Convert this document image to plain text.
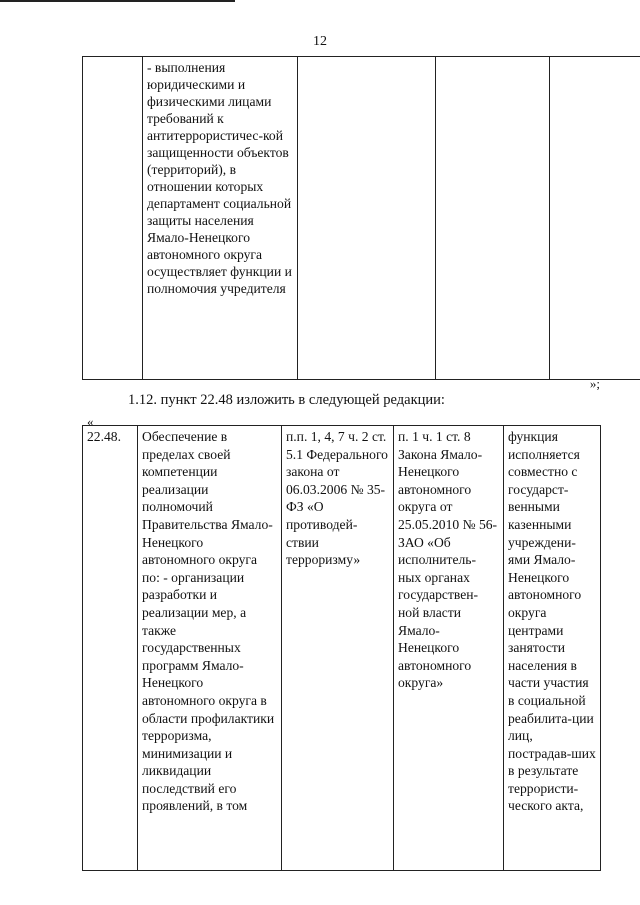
12
	- выполнения юридическими и физическими лицами требований к антитеррористичес-кой защищенности объектов (территорий), в отношении которых департамент социальной защиты населения Ямало-Ненецкого автономного округа осуществляет функции и полномочия учредителя				
»;
1.12. пункт 22.48 изложить в следующей редакции:
«
22.48.	Обеспечение в пределах своей компетенции реализации полномочий Правительства Ямало-Ненецкого автономного округа по: - организации разработки и реализации мер, а также государственных программ Ямало-Ненецкого автономного округа в области профилактики терроризма, минимизации и ликвидации последствий его проявлений, в том	п.п. 1, 4, 7 ч. 2 ст. 5.1 Федерального закона от 06.03.2006 № 35-ФЗ «О противодей-ствии терроризму»	п. 1 ч. 1 ст. 8 Закона Ямало-Ненецкого автономного округа от 25.05.2010 № 56-ЗАО «Об исполнитель-ных органах государствен-ной власти Ямало-Ненецкого автономного округа»	функция исполняется совместно с государст-венными казенными учреждени-ями Ямало-Ненецкого автономного округа центрами занятости населения в части участия в социальной реабилита-ции лиц, пострадав-ших в результате террористи-ческого акта,
